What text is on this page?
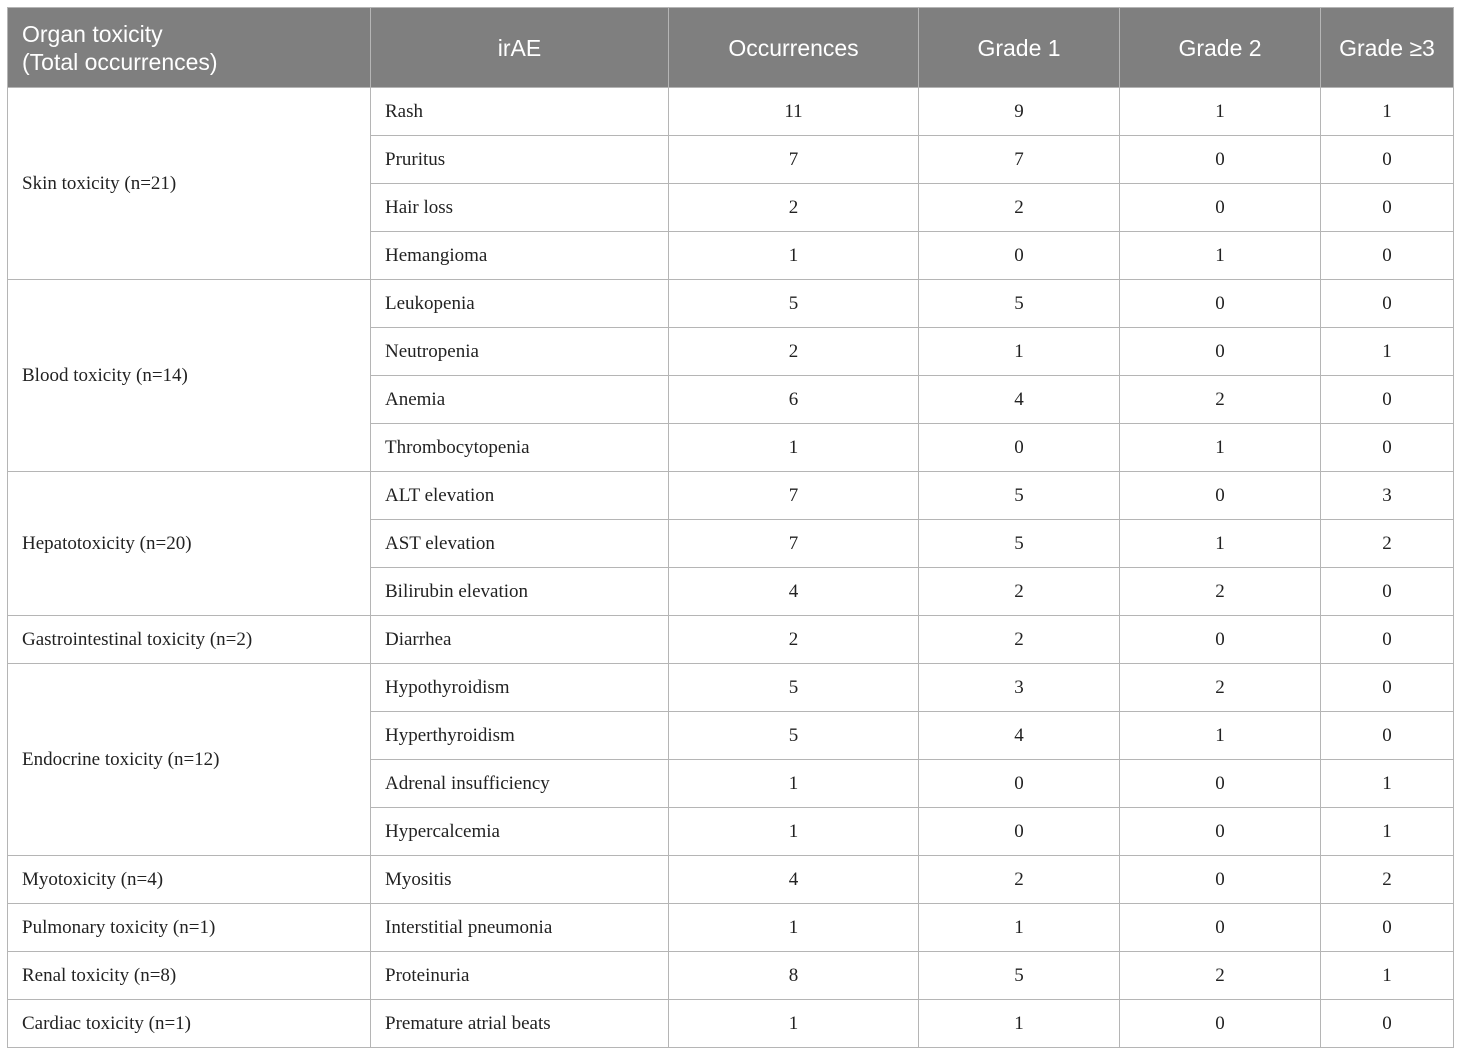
Organ toxicity
(Total occurrences)	irAE	Occurrences	Grade 1	Grade 2	Grade ≥3
Skin toxicity (n=21)	Rash	11	9	1	1
	Pruritus	7	7	0	0
	Hair loss	2	2	0	0
	Hemangioma	1	0	1	0
Blood toxicity (n=14)	Leukopenia	5	5	0	0
	Neutropenia	2	1	0	1
	Anemia	6	4	2	0
	Thrombocytopenia	1	0	1	0
Hepatotoxicity (n=20)	ALT elevation	7	5	0	3
	AST elevation	7	5	1	2
	Bilirubin elevation	4	2	2	0
Gastrointestinal toxicity (n=2)	Diarrhea	2	2	0	0
Endocrine toxicity (n=12)	Hypothyroidism	5	3	2	0
	Hyperthyroidism	5	4	1	0
	Adrenal insufficiency	1	0	0	1
	Hypercalcemia	1	0	0	1
Myotoxicity (n=4)	Myositis	4	2	0	2
Pulmonary toxicity (n=1)	Interstitial pneumonia	1	1	0	0
Renal toxicity (n=8)	Proteinuria	8	5	2	1
Cardiac toxicity (n=1)	Premature atrial beats	1	1	0	0
